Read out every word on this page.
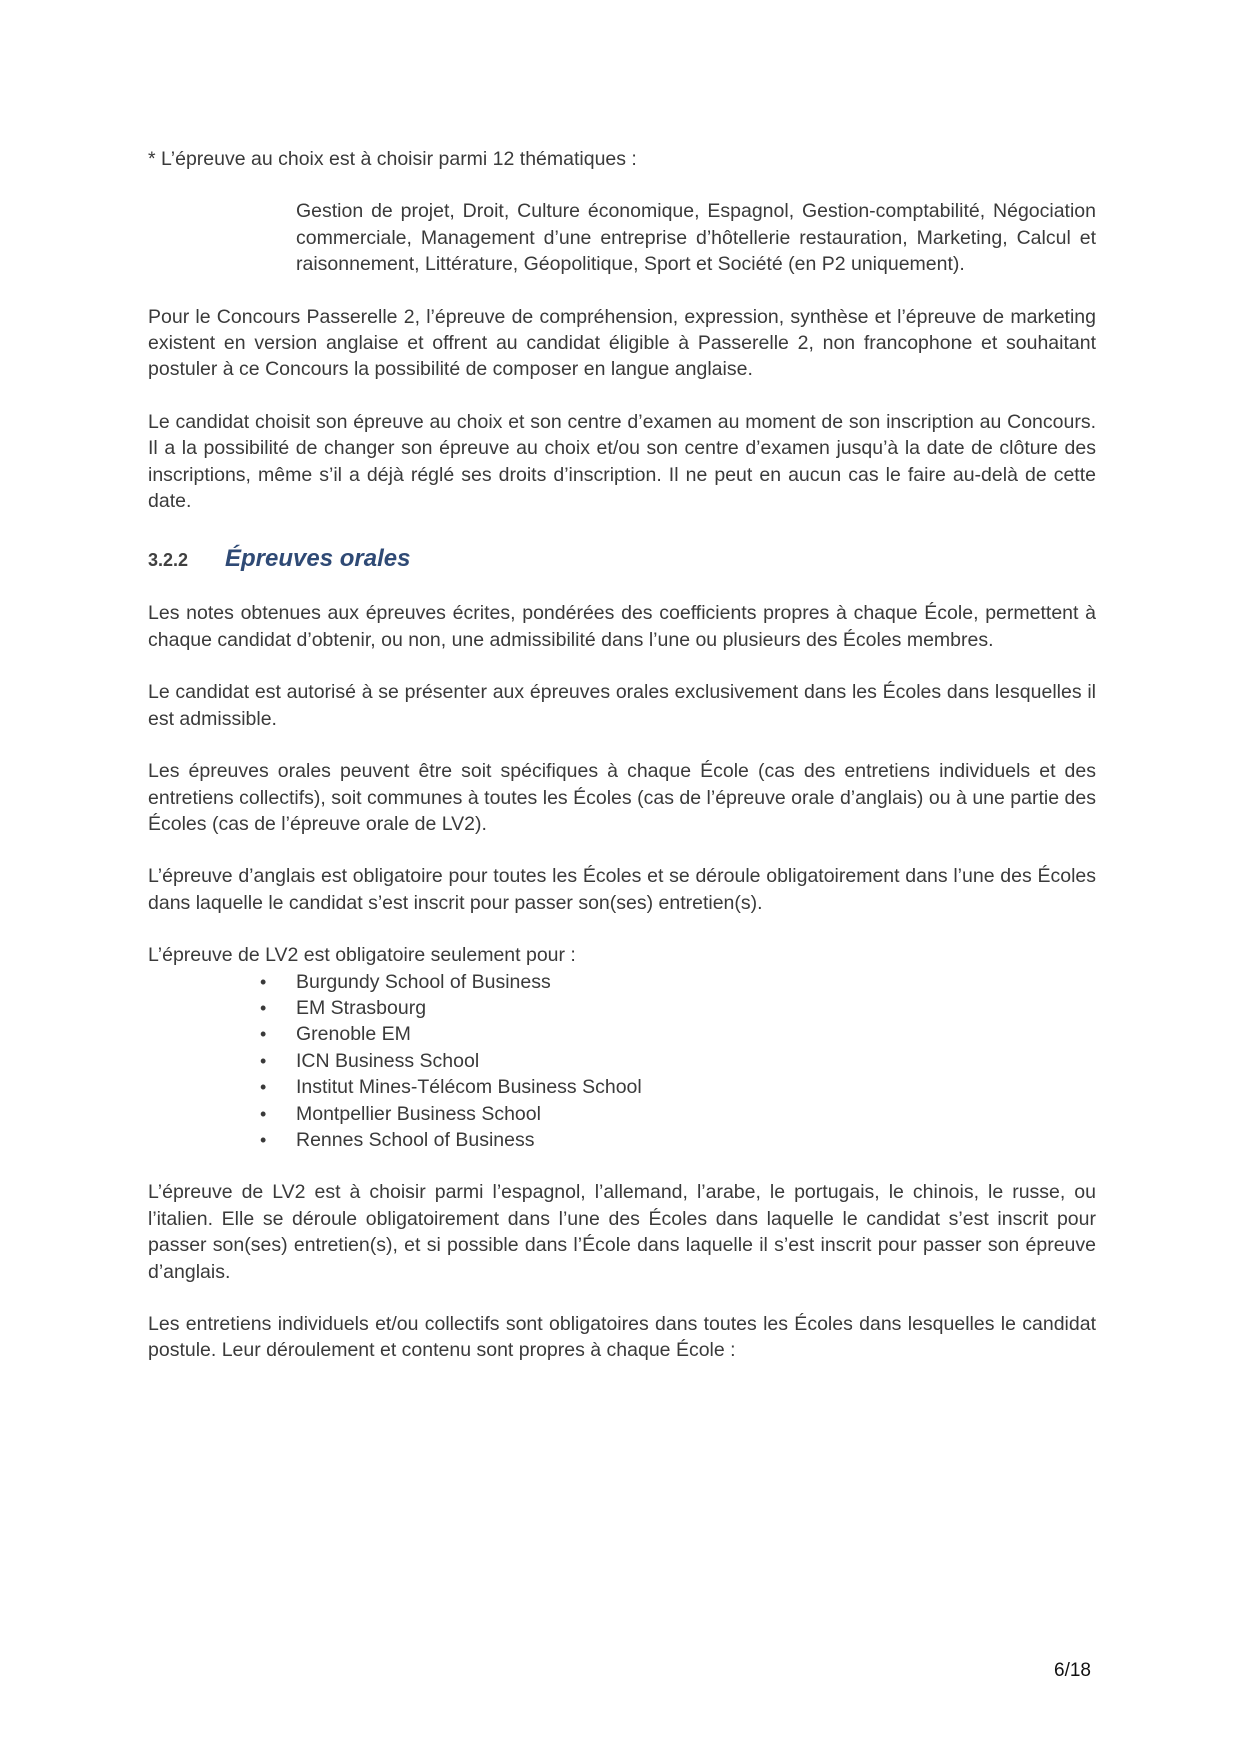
* L’épreuve au choix est à choisir parmi 12 thématiques :

Gestion de projet, Droit, Culture économique, Espagnol, Gestion-comptabilité, Négociation commerciale, Management d’une entreprise d’hôtellerie restauration, Marketing, Calcul et raisonnement, Littérature, Géopolitique, Sport et Société (en P2 uniquement).

Pour le Concours Passerelle 2, l’épreuve de compréhension, expression, synthèse et l’épreuve de marketing existent en version anglaise et offrent au candidat éligible à Passerelle 2, non francophone et souhaitant postuler à ce Concours la possibilité de composer en langue anglaise.

Le candidat choisit son épreuve au choix et son centre d’examen au moment de son inscription au Concours. Il a la possibilité de changer son épreuve au choix et/ou son centre d’examen jusqu’à la date de clôture des inscriptions, même s’il a déjà réglé ses droits d’inscription. Il ne peut en aucun cas le faire au-delà de cette date.

3.2.2	Épreuves orales

Les notes obtenues aux épreuves écrites, pondérées des coefficients propres à chaque École, permettent à chaque candidat d’obtenir, ou non, une admissibilité dans l’une ou plusieurs des Écoles membres.

Le candidat est autorisé à se présenter aux épreuves orales exclusivement dans les Écoles dans lesquelles il est admissible.

Les épreuves orales peuvent être soit spécifiques à chaque École (cas des entretiens individuels et des entretiens collectifs), soit communes à toutes les Écoles (cas de l’épreuve orale d’anglais) ou à une partie des Écoles (cas de l’épreuve orale de LV2).

L’épreuve d’anglais est obligatoire pour toutes les Écoles et se déroule obligatoirement dans l’une des Écoles dans laquelle le candidat s’est inscrit pour passer son(ses) entretien(s).

L’épreuve de LV2 est obligatoire seulement pour :

•	Burgundy School of Business
•	EM Strasbourg
•	Grenoble EM
•	ICN Business School
•	Institut Mines-Télécom Business School
•	Montpellier Business School
•	Rennes School of Business

L’épreuve de LV2 est à choisir parmi l’espagnol, l’allemand, l’arabe, le portugais, le chinois, le russe, ou l’italien. Elle se déroule obligatoirement dans l’une des Écoles dans laquelle le candidat s’est inscrit pour passer son(ses) entretien(s), et si possible dans l’École dans laquelle il s’est inscrit pour passer son épreuve d’anglais.

Les entretiens individuels et/ou collectifs sont obligatoires dans toutes les Écoles dans lesquelles le candidat postule. Leur déroulement et contenu sont propres à chaque École :

6/18
